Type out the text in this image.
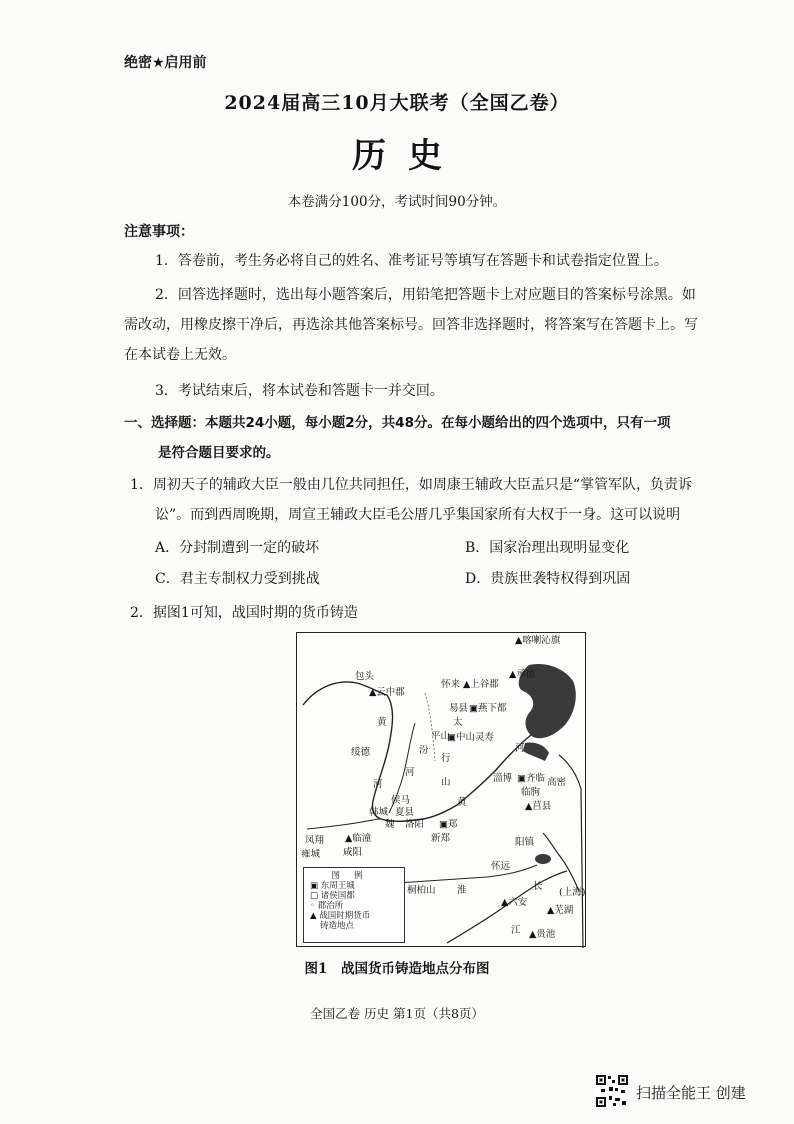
绝密★启用前
2024届高三10月大联考（全国乙卷）
历史
本卷满分100分，考试时间90分钟。
注意事项：
1．答卷前，考生务必将自己的姓名、准考证号等填写在答题卡和试卷指定位置上。
2．回答选择题时，选出每小题答案后，用铅笔把答题卡上对应题目的答案标号涂黑。如
需改动，用橡皮擦干净后，再选涂其他答案标号。回答非选择题时，将答案写在答题卡上。写
在本试卷上无效。
3．考试结束后，将本试卷和答题卡一并交回。
一、选择题：本题共24小题，每小题2分，共48分。在每小题给出的四个选项中，只有一项
是符合题目要求的。
1．周初天子的辅政大臣一般由几位共同担任，如周康王辅政大臣盂只是“掌管军队，负责诉
讼”。而到西周晚期，周宣王辅政大臣毛公厝几乎集国家所有大权于一身。这可以说明
A．分封制遭到一定的破坏	B．国家治理出现明显变化
C．君主专制权力受到挑战	D．贵族世袭特权得到巩固
2．据图1可知，战国时期的货币铸造
▲喀喇沁旗
包头
▲云中郡
怀来 ▲上谷郡
▲承德
易县 ▣燕下都
太
平山
▣中山灵寿
黄
绥德	汾
行
河
河
河	山	淄博 ▣齐临 高密
临朐
▲莒县
侯马	黄
韩城 夏县
魏 洛阳 ▣郑
新郑
凤翔 ▲临潼
雍城 咸阳
阳镇
怀远
桐柏山 淮	长
(上海)
▲六安
▲芜湖
江 ▲贵池
图例
▣ 东周王城
□ 诸侯国都
◦ 郡治所
▲ 战国时期货币
铸造地点
图1　战国货币铸造地点分布图
全国乙卷 历史 第1页（共8页）
扫描全能王 创建
